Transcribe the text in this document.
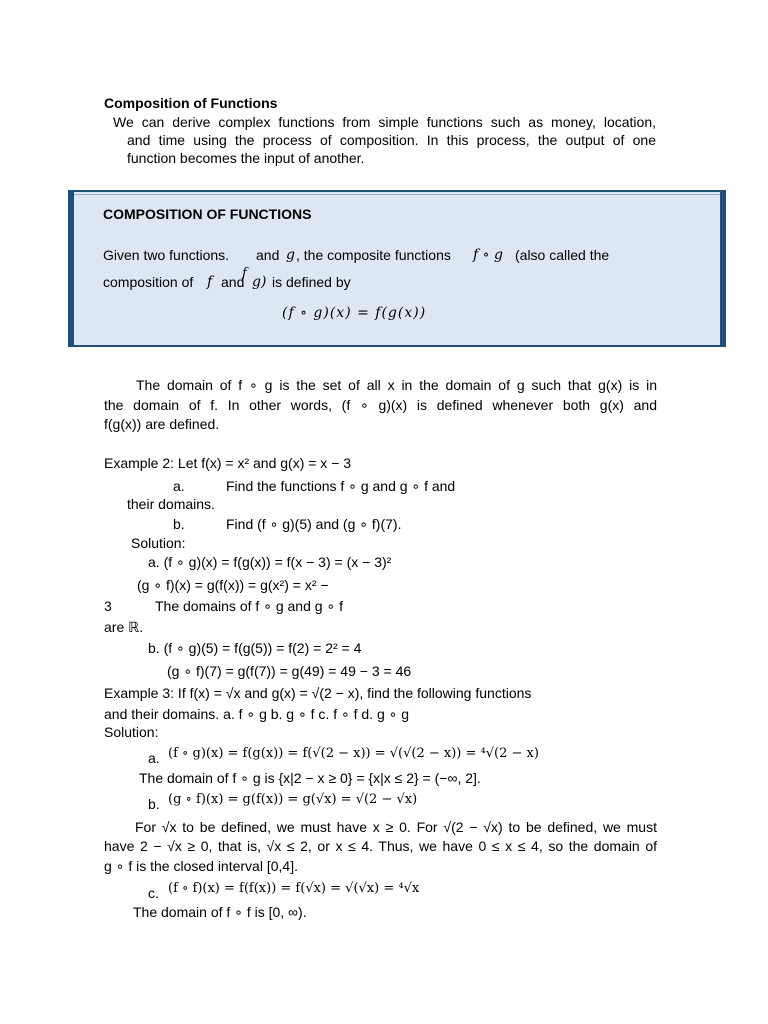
Composition of Functions
We can derive complex functions from simple functions such as money, location,
and time using the process of composition. In this process, the output of one
function becomes the input of another.
COMPOSITION OF FUNCTIONS
Given two functions. and g , the composite functions f ∘ g (also called the
f
composition of f and g) is defined by
(f ∘ g)(x) = f(g(x))
The domain of f ∘ g is the set of all x in the domain of g such that g(x) is in
the domain of f. In other words, (f ∘ g)(x) is defined whenever both g(x) and
f(g(x)) are defined.
Example 2: Let f(x) = x² and g(x) = x − 3
a.	Find the functions f ∘ g and g ∘ f and
their domains.
b.	Find (f ∘ g)(5) and (g ∘ f)(7).
Solution:
a. (f ∘ g)(x) = f(g(x)) = f(x − 3) = (x − 3)²
(g ∘ f)(x) = g(f(x)) = g(x²) = x² −
3	The domains of f ∘ g and g ∘ f
are ℝ.
b. (f ∘ g)(5) = f(g(5)) = f(2) = 2² = 4
(g ∘ f)(7) = g(f(7)) = g(49) = 49 − 3 = 46
Example 3: If f(x) = √x and g(x) = √(2 − x), find the following functions
and their domains. a. f ∘ g b. g ∘ f c. f ∘ f d. g ∘ g
Solution:
a. (f ∘ g)(x) = f(g(x)) = f(√(2 − x)) = √(√(2 − x)) = ⁴√(2 − x)
The domain of f ∘ g is {x|2 − x ≥ 0} = {x|x ≤ 2} = (−∞, 2].
b. (g ∘ f)(x) = g(f(x)) = g(√x) = √(2 − √x)
For √x to be defined, we must have x ≥ 0. For √(2 − √x) to be defined, we must
have 2 − √x ≥ 0, that is, √x ≤ 2, or x ≤ 4. Thus, we have 0 ≤ x ≤ 4, so the domain of
g ∘ f is the closed interval [0,4].
c. (f ∘ f)(x) = f(f(x)) = f(√x) = √(√x) = ⁴√x
The domain of f ∘ f is [0, ∞).
